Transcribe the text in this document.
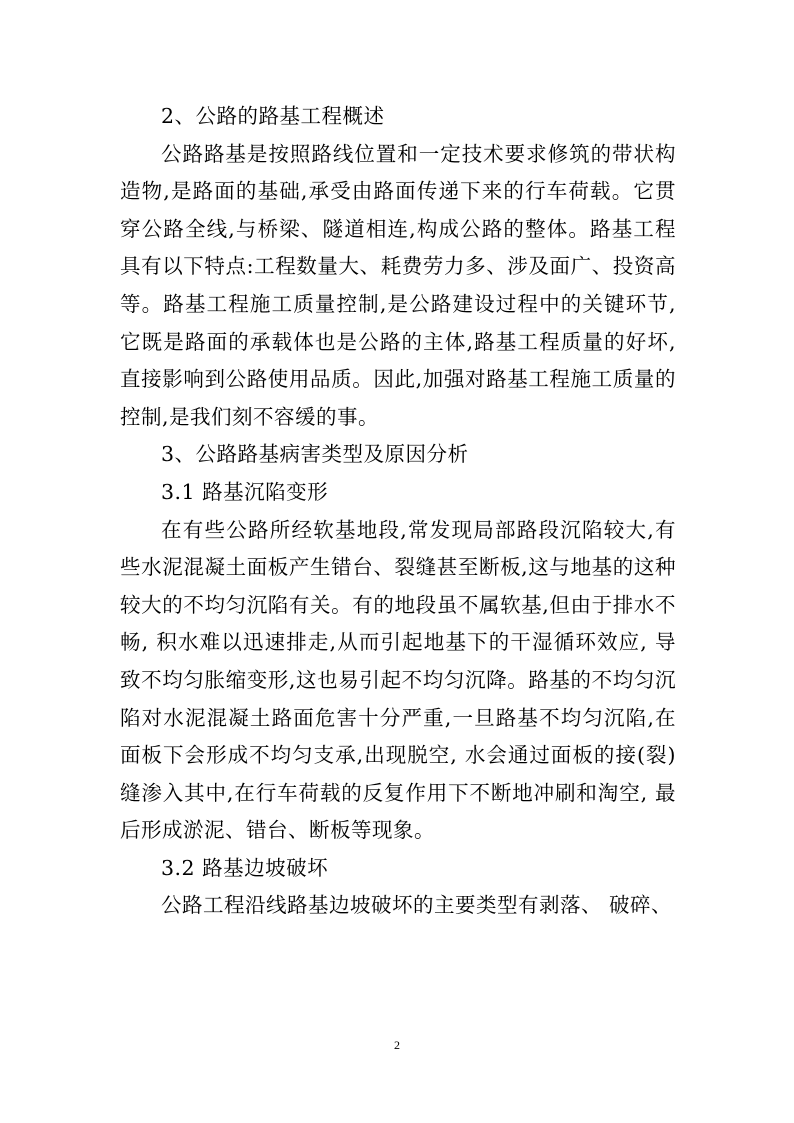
2、公路的路基工程概述

公路路基是按照路线位置和一定技术要求修筑的带状构造物,是路面的基础,承受由路面传递下来的行车荷载。它贯穿公路全线,与桥梁、隧道相连,构成公路的整体。路基工程具有以下特点:工程数量大、耗费劳力多、涉及面广、投资高等。路基工程施工质量控制,是公路建设过程中的关键环节,它既是路面的承载体也是公路的主体,路基工程质量的好坏,直接影响到公路使用品质。因此,加强对路基工程施工质量的控制,是我们刻不容缓的事。

3、公路路基病害类型及原因分析

3.1 路基沉陷变形

在有些公路所经软基地段,常发现局部路段沉陷较大,有些水泥混凝土面板产生错台、裂缝甚至断板,这与地基的这种较大的不均匀沉陷有关。有的地段虽不属软基,但由于排水不畅, 积水难以迅速排走,从而引起地基下的干湿循环效应, 导致不均匀胀缩变形,这也易引起不均匀沉降。路基的不均匀沉陷对水泥混凝土路面危害十分严重,一旦路基不均匀沉陷,在面板下会形成不均匀支承,出现脱空, 水会通过面板的接(裂)缝渗入其中,在行车荷载的反复作用下不断地冲刷和淘空, 最后形成淤泥、错台、断板等现象。

3.2 路基边坡破坏

公路工程沿线路基边坡破坏的主要类型有剥落、 破碎、

2
